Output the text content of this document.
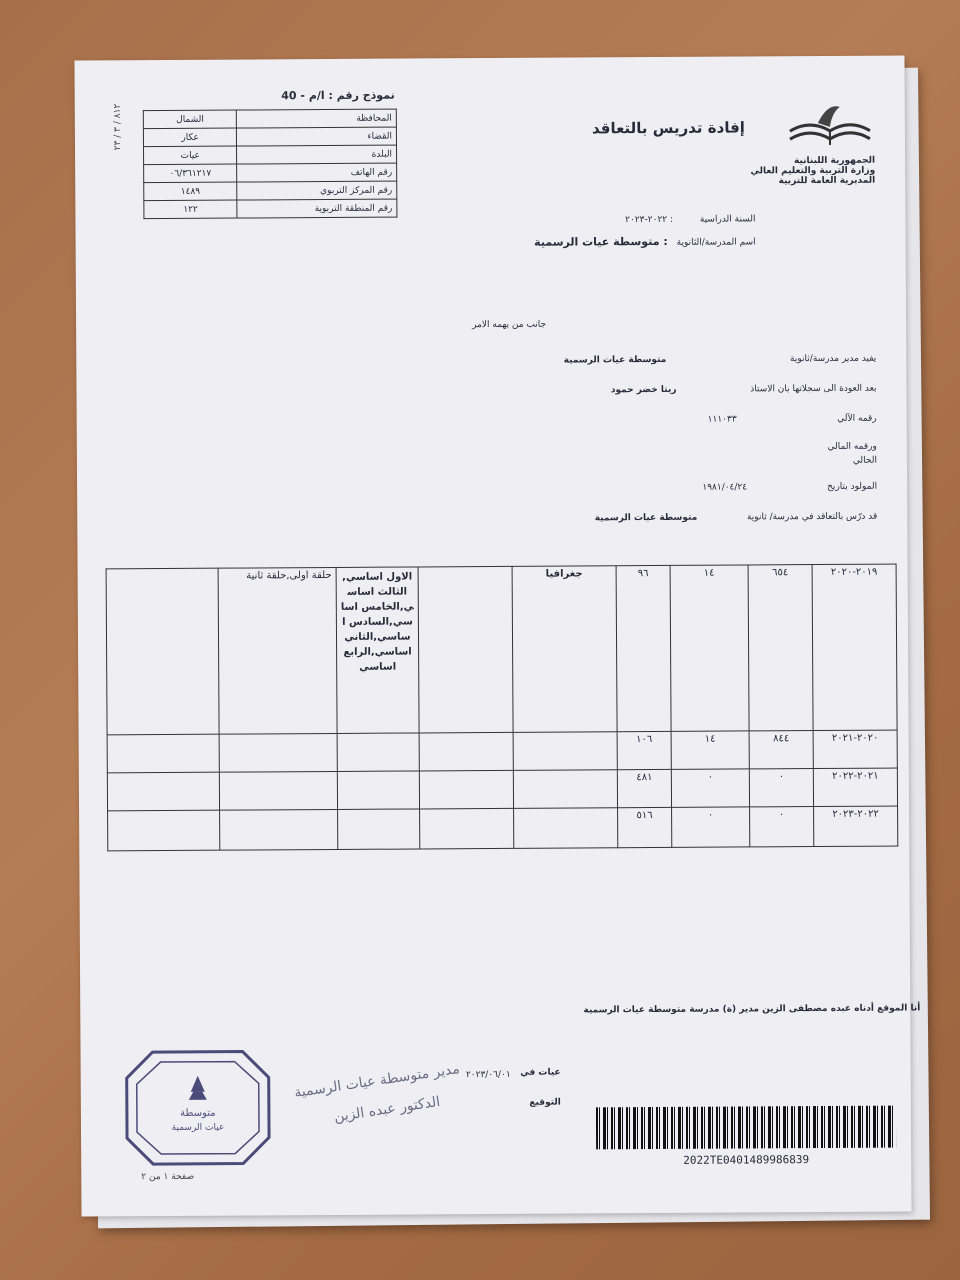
نموذج رقم : ا/م - 40
الشمال	المحافظة
عكار	القضاء
عيات	البلدة
٠٦/٣٦١٢١٧	رقم الهاتف
١٤٨٩	رقم المركز التربوي
١٢٢	رقم المنطقة التربوية
٨١٢ / ٣ / ٢٣
إفادة تدريس بالتعاقد
الجمهورية اللبنانية
وزارة التربية والتعليم العالي
المديرية العامة للتربية
السنة الدراسية : ٢٠٢٢-٢٠٢٣
اسم المدرسة/الثانوية : متوسطة عيات الرسمية
جانب من يهمه الامر
يفيد مدير مدرسة/ثانوية
متوسطة عيات الرسمية
بعد العودة الى سجلاتها بان الاستاذ
ريتا خضر حمود
رقمه الآلي
١١١٠٣٣
ورقمه المالي
الحالي
المولود بتاريخ
١٩٨١/٠٤/٢٤
قد درّس بالتعاقد في مدرسة/ ثانوية
متوسطة عيات الرسمية
	حلقة اولى,حلقة ثانية	الاول اساسي,الثالث اساسي,الخامس اساسي,السادس اساسي,الثاني اساسي,الرابع اساسي		جغرافيا	٩٦	١٤	٦٥٤	٢٠١٩-٢٠٢٠
					١٠٦	١٤	٨٤٤	٢٠٢٠-٢٠٢١
					٤٨١	٠	٠	٢٠٢١-٢٠٢٢
					٥١٦	٠	٠	٢٠٢٢-٢٠٢٣
أنا الموقع أدناه عبده مصطفى الزين مدير (ة) مدرسة متوسطة عيات الرسمية
عيات في
٢٠٢٣/٠٦/٠١
التوقيع
مدير متوسطة عيات الرسمية
الدكتور عبده الزين
متوسطة
عيات الرسمية
صفحة ١ من ٢
2022TE0401489986839
